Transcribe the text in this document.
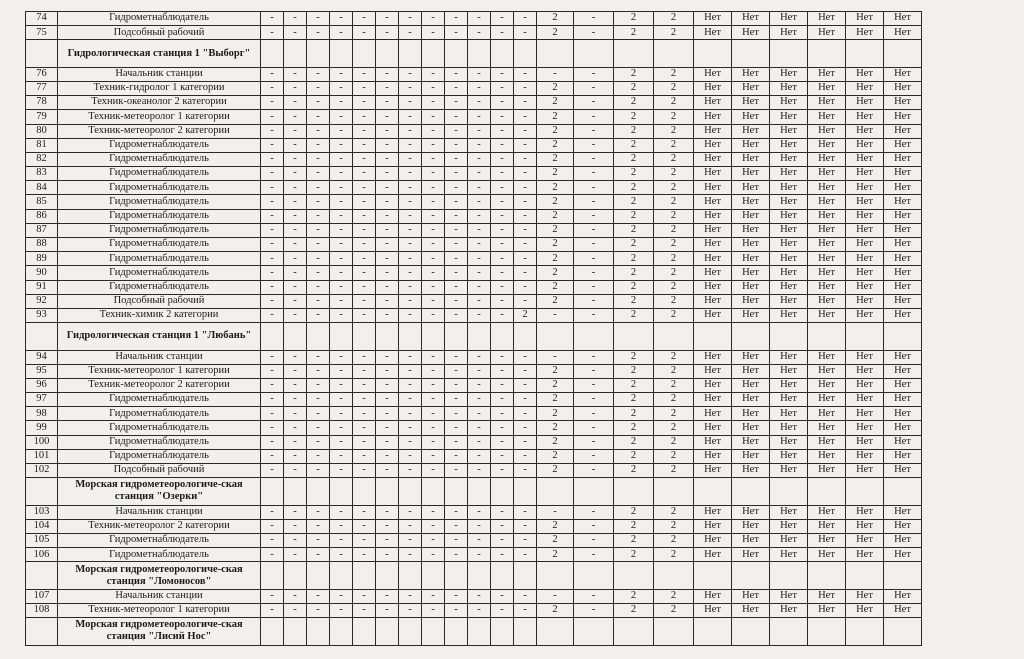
74	Гидрометнаблюдатель	-	-	-	-	-	-	-	-	-	-	-	-	2	-	2	2	Нет	Нет	Нет	Нет	Нет	Нет
75	Подсобный рабочий	-	-	-	-	-	-	-	-	-	-	-	-	2	-	2	2	Нет	Нет	Нет	Нет	Нет	Нет
	Гидрологическая станция 1 "Выборг"																						
76	Начальник станции	-	-	-	-	-	-	-	-	-	-	-	-	-	-	2	2	Нет	Нет	Нет	Нет	Нет	Нет
77	Техник-гидролог 1 категории	-	-	-	-	-	-	-	-	-	-	-	-	2	-	2	2	Нет	Нет	Нет	Нет	Нет	Нет
78	Техник-океанолог 2 категории	-	-	-	-	-	-	-	-	-	-	-	-	2	-	2	2	Нет	Нет	Нет	Нет	Нет	Нет
79	Техник-метеоролог 1 категории	-	-	-	-	-	-	-	-	-	-	-	-	2	-	2	2	Нет	Нет	Нет	Нет	Нет	Нет
80	Техник-метеоролог 2 категории	-	-	-	-	-	-	-	-	-	-	-	-	2	-	2	2	Нет	Нет	Нет	Нет	Нет	Нет
81	Гидрометнаблюдатель	-	-	-	-	-	-	-	-	-	-	-	-	2	-	2	2	Нет	Нет	Нет	Нет	Нет	Нет
82	Гидрометнаблюдатель	-	-	-	-	-	-	-	-	-	-	-	-	2	-	2	2	Нет	Нет	Нет	Нет	Нет	Нет
83	Гидрометнаблюдатель	-	-	-	-	-	-	-	-	-	-	-	-	2	-	2	2	Нет	Нет	Нет	Нет	Нет	Нет
84	Гидрометнаблюдатель	-	-	-	-	-	-	-	-	-	-	-	-	2	-	2	2	Нет	Нет	Нет	Нет	Нет	Нет
85	Гидрометнаблюдатель	-	-	-	-	-	-	-	-	-	-	-	-	2	-	2	2	Нет	Нет	Нет	Нет	Нет	Нет
86	Гидрометнаблюдатель	-	-	-	-	-	-	-	-	-	-	-	-	2	-	2	2	Нет	Нет	Нет	Нет	Нет	Нет
87	Гидрометнаблюдатель	-	-	-	-	-	-	-	-	-	-	-	-	2	-	2	2	Нет	Нет	Нет	Нет	Нет	Нет
88	Гидрометнаблюдатель	-	-	-	-	-	-	-	-	-	-	-	-	2	-	2	2	Нет	Нет	Нет	Нет	Нет	Нет
89	Гидрометнаблюдатель	-	-	-	-	-	-	-	-	-	-	-	-	2	-	2	2	Нет	Нет	Нет	Нет	Нет	Нет
90	Гидрометнаблюдатель	-	-	-	-	-	-	-	-	-	-	-	-	2	-	2	2	Нет	Нет	Нет	Нет	Нет	Нет
91	Гидрометнаблюдатель	-	-	-	-	-	-	-	-	-	-	-	-	2	-	2	2	Нет	Нет	Нет	Нет	Нет	Нет
92	Подсобный рабочий	-	-	-	-	-	-	-	-	-	-	-	-	2	-	2	2	Нет	Нет	Нет	Нет	Нет	Нет
93	Техник-химик 2 категории	-	-	-	-	-	-	-	-	-	-	-	2	-	-	2	2	Нет	Нет	Нет	Нет	Нет	Нет
	Гидрологическая станция 1 "Любань"																						
94	Начальник станции	-	-	-	-	-	-	-	-	-	-	-	-	-	-	2	2	Нет	Нет	Нет	Нет	Нет	Нет
95	Техник-метеоролог 1 категории	-	-	-	-	-	-	-	-	-	-	-	-	2	-	2	2	Нет	Нет	Нет	Нет	Нет	Нет
96	Техник-метеоролог 2 категории	-	-	-	-	-	-	-	-	-	-	-	-	2	-	2	2	Нет	Нет	Нет	Нет	Нет	Нет
97	Гидрометнаблюдатель	-	-	-	-	-	-	-	-	-	-	-	-	2	-	2	2	Нет	Нет	Нет	Нет	Нет	Нет
98	Гидрометнаблюдатель	-	-	-	-	-	-	-	-	-	-	-	-	2	-	2	2	Нет	Нет	Нет	Нет	Нет	Нет
99	Гидрометнаблюдатель	-	-	-	-	-	-	-	-	-	-	-	-	2	-	2	2	Нет	Нет	Нет	Нет	Нет	Нет
100	Гидрометнаблюдатель	-	-	-	-	-	-	-	-	-	-	-	-	2	-	2	2	Нет	Нет	Нет	Нет	Нет	Нет
101	Гидрометнаблюдатель	-	-	-	-	-	-	-	-	-	-	-	-	2	-	2	2	Нет	Нет	Нет	Нет	Нет	Нет
102	Подсобный рабочий	-	-	-	-	-	-	-	-	-	-	-	-	2	-	2	2	Нет	Нет	Нет	Нет	Нет	Нет
	Морская гидрометеорологиче-ская станция "Озерки"																						
103	Начальник станции	-	-	-	-	-	-	-	-	-	-	-	-	-	-	2	2	Нет	Нет	Нет	Нет	Нет	Нет
104	Техник-метеоролог 2 категории	-	-	-	-	-	-	-	-	-	-	-	-	2	-	2	2	Нет	Нет	Нет	Нет	Нет	Нет
105	Гидрометнаблюдатель	-	-	-	-	-	-	-	-	-	-	-	-	2	-	2	2	Нет	Нет	Нет	Нет	Нет	Нет
106	Гидрометнаблюдатель	-	-	-	-	-	-	-	-	-	-	-	-	2	-	2	2	Нет	Нет	Нет	Нет	Нет	Нет
	Морская гидрометеорологиче-ская станция "Ломоносов"																						
107	Начальник станции	-	-	-	-	-	-	-	-	-	-	-	-	-	-	2	2	Нет	Нет	Нет	Нет	Нет	Нет
108	Техник-метеоролог 1 категории	-	-	-	-	-	-	-	-	-	-	-	-	2	-	2	2	Нет	Нет	Нет	Нет	Нет	Нет
	Морская гидрометеорологиче-ская станция "Лисий Нос"																						
